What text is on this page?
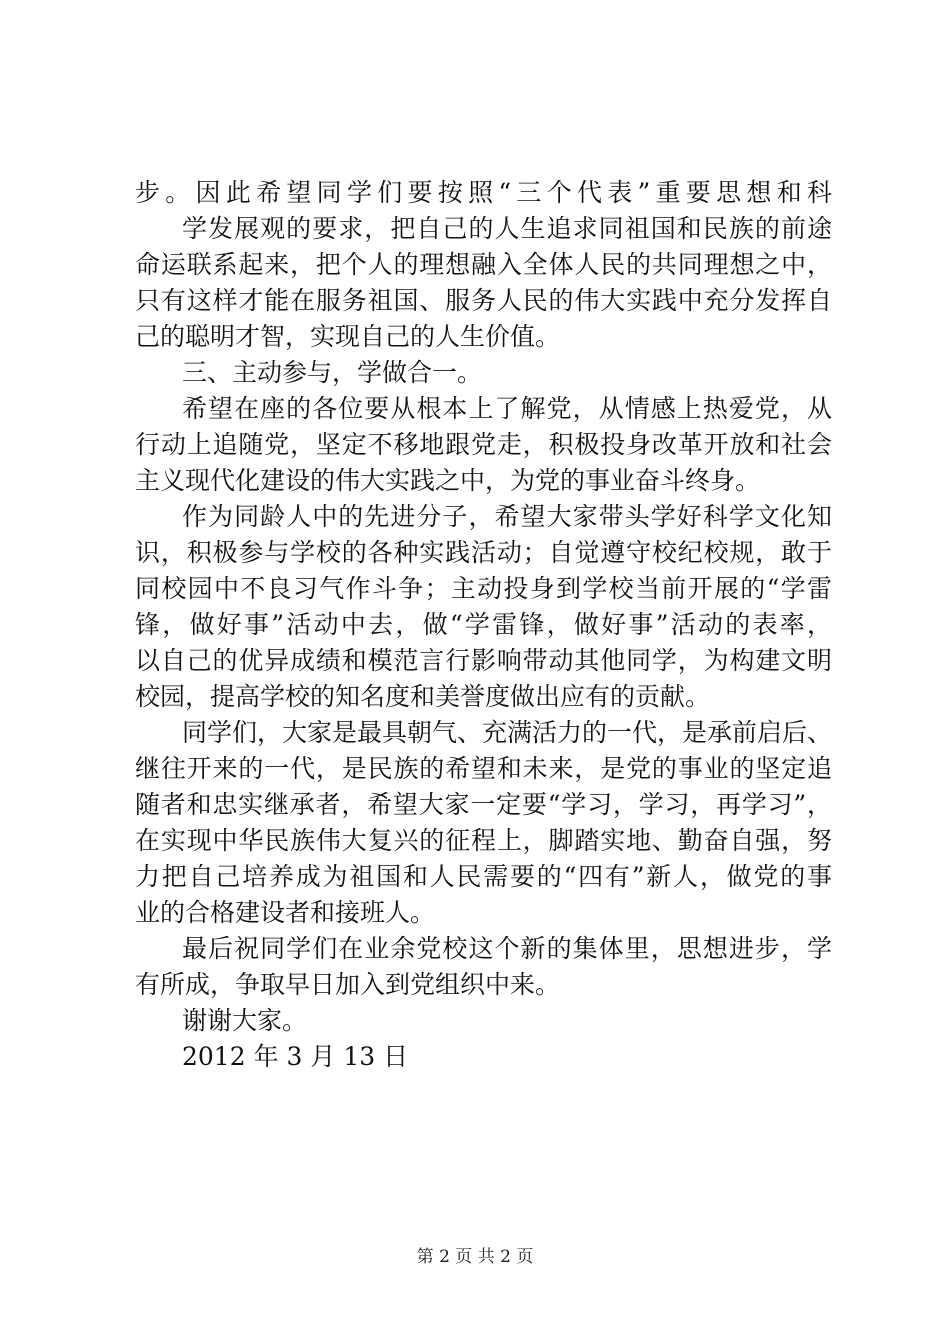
步。因此希望同学们要按照“三个代表”重要思想和科
学发展观的要求，把自己的人生追求同祖国和民族的前途
命运联系起来，把个人的理想融入全体人民的共同理想之中，
只有这样才能在服务祖国、服务人民的伟大实践中充分发挥自
己的聪明才智，实现自己的人生价值。
三、主动参与，学做合一。
希望在座的各位要从根本上了解党，从情感上热爱党，从
行动上追随党，坚定不移地跟党走，积极投身改革开放和社会
主义现代化建设的伟大实践之中，为党的事业奋斗终身。
作为同龄人中的先进分子，希望大家带头学好科学文化知
识，积极参与学校的各种实践活动；自觉遵守校纪校规，敢于
同校园中不良习气作斗争；主动投身到学校当前开展的“学雷
锋，做好事”活动中去，做“学雷锋，做好事”活动的表率，
以自己的优异成绩和模范言行影响带动其他同学，为构建文明
校园，提高学校的知名度和美誉度做出应有的贡献。
同学们，大家是最具朝气、充满活力的一代，是承前启后、
继往开来的一代，是民族的希望和未来，是党的事业的坚定追
随者和忠实继承者，希望大家一定要“学习，学习，再学习”，
在实现中华民族伟大复兴的征程上，脚踏实地、勤奋自强，努
力把自己培养成为祖国和人民需要的“四有”新人，做党的事
业的合格建设者和接班人。
最后祝同学们在业余党校这个新的集体里，思想进步，学
有所成，争取早日加入到党组织中来。
谢谢大家。
2012 年 3 月 13 日
第 2 页 共 2 页
